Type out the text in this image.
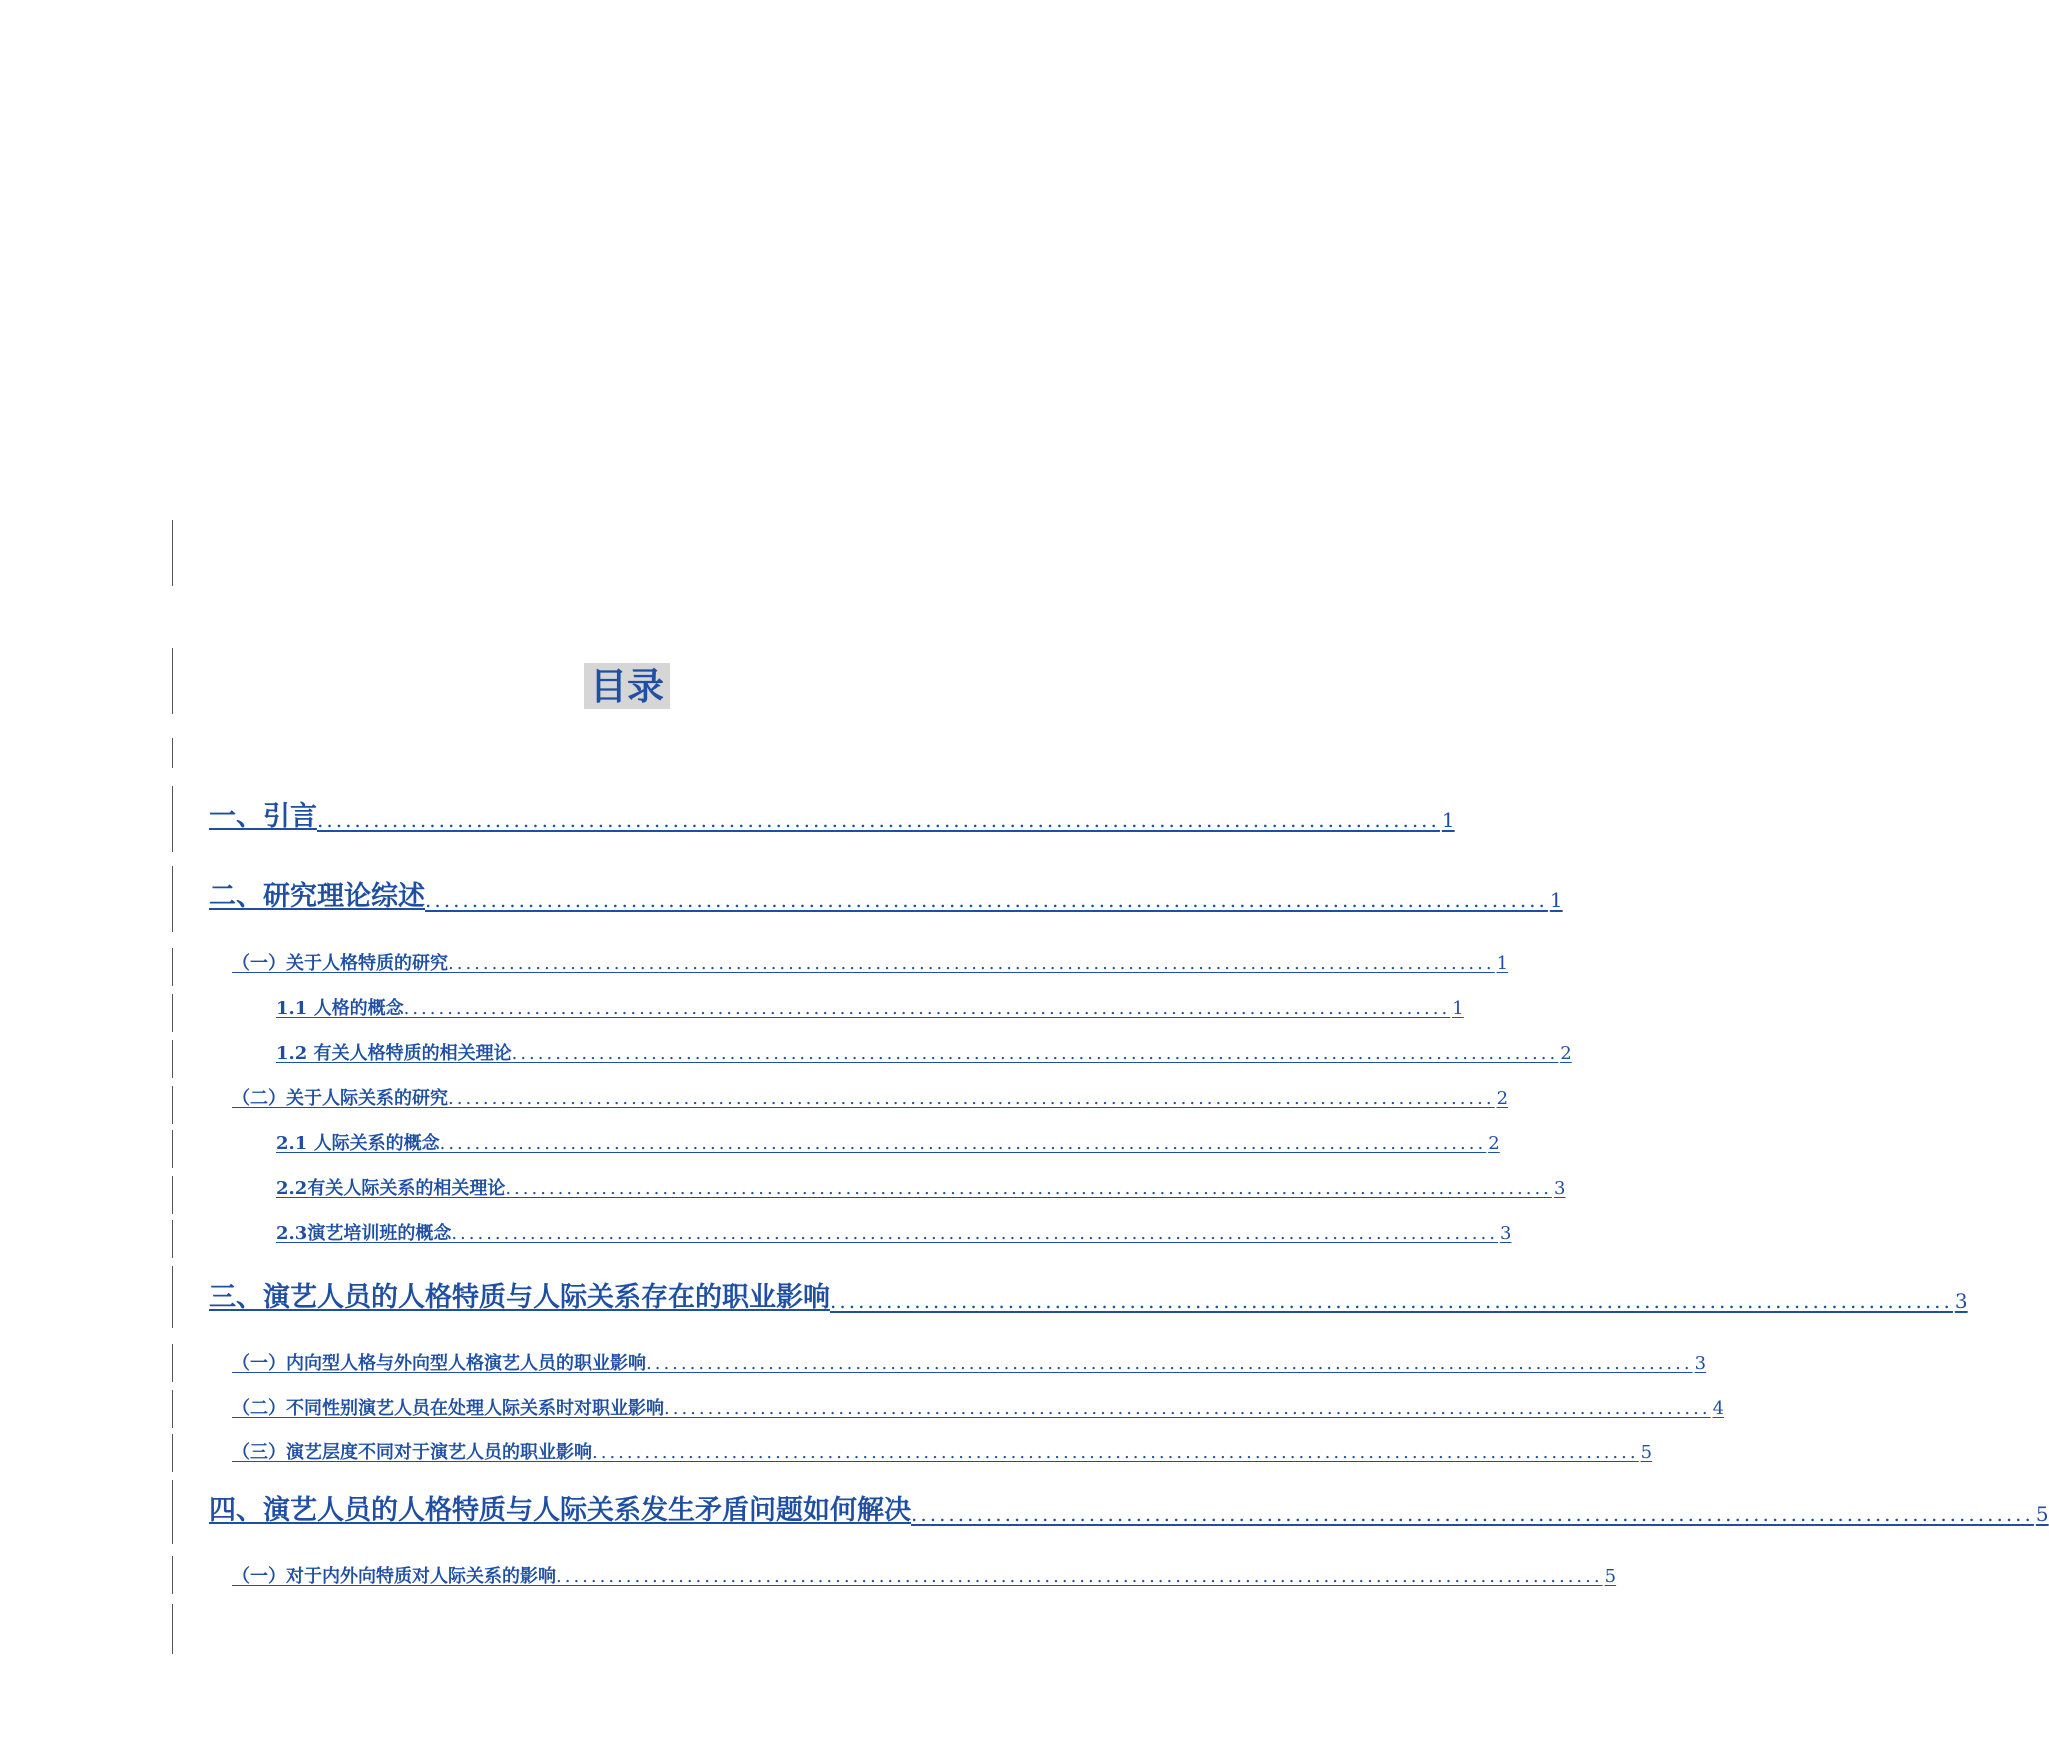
目录
一、引言 ........................................................................................................................ 1
二、研究理论综述 ........................................................................................................................ 1
（一）关于人格特质的研究 ........................................................................................................................ 1
1.1 人格的概念 ........................................................................................................................ 1
1.2 有关人格特质的相关理论 ........................................................................................................................ 2
（二）关于人际关系的研究 ........................................................................................................................ 2
2.1 人际关系的概念 ........................................................................................................................ 2
2.2有关人际关系的相关理论 ........................................................................................................................ 3
2.3演艺培训班的概念 ........................................................................................................................ 3
三、演艺人员的人格特质与人际关系存在的职业影响 ........................................................................................................................ 3
（一）内向型人格与外向型人格演艺人员的职业影响 ........................................................................................................................ 3
（二）不同性别演艺人员在处理人际关系时对职业影响 ........................................................................................................................ 4
（三）演艺层度不同对于演艺人员的职业影响 ........................................................................................................................ 5
四、演艺人员的人格特质与人际关系发生矛盾问题如何解决 ........................................................................................................................ 5
（一）对于内外向特质对人际关系的影响 ........................................................................................................................ 5
